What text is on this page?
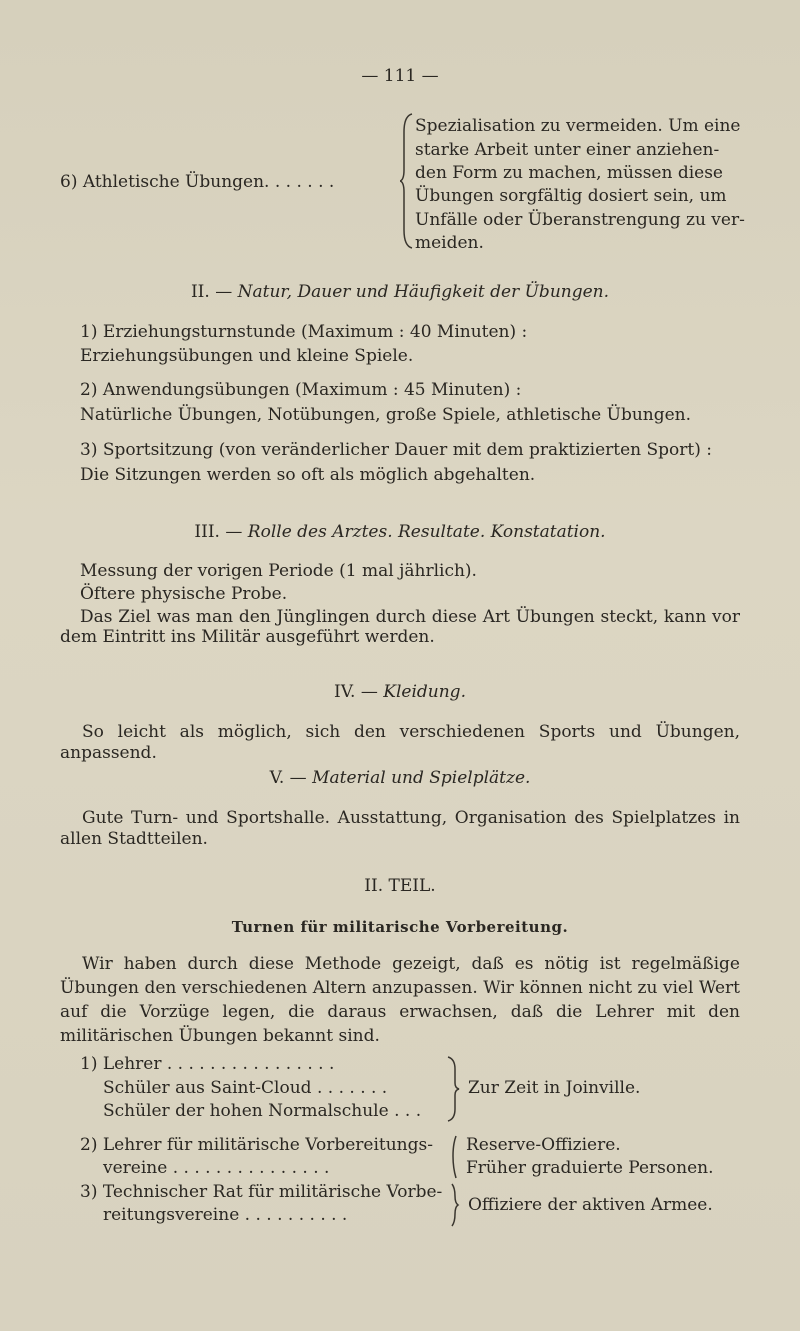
— 111 —
6) Athletische Übungen. . . . . . .
Spezialisation zu vermeiden. Um eine
starke Arbeit unter einer anziehen-
den Form zu machen, müssen diese
Übungen sorgfältig dosiert sein, um
Unfälle oder Überanstrengung zu ver-
meiden.
II. — Natur, Dauer und Häufigkeit der Übungen.
1) Erziehungsturnstunde (Maximum : 40 Minuten) :
Erziehungsübungen und kleine Spiele.
2) Anwendungsübungen (Maximum : 45 Minuten) :
Natürliche Übungen, Notübungen, große Spiele, athletische Übungen.
3) Sportsitzung (von veränderlicher Dauer mit dem praktizierten Sport) :
Die Sitzungen werden so oft als möglich abgehalten.
III. — Rolle des Arztes. Resultate. Konstatation.
Messung der vorigen Periode (1 mal jährlich).
Öftere physische Probe.
Das Ziel was man den Jünglingen durch diese Art Übungen steckt, kann vor dem Eintritt ins Militär ausgeführt werden.
IV. — Kleidung.
So leicht als möglich, sich den verschiedenen Sports und Übungen, anpassend.
V. — Material und Spielplätze.
Gute Turn- und Sportshalle. Ausstattung, Organisation des Spielplatzes in allen Stadtteilen.
II. TEIL.
Turnen für militarische Vorbereitung.
Wir haben durch diese Methode gezeigt, daß es nötig ist regelmäßige Übungen den verschiedenen Altern anzupassen. Wir können nicht zu viel Wert auf die Vorzüge legen, die daraus erwachsen, daß die Lehrer mit den militärischen Übungen bekannt sind.
1) Lehrer . . . . . . . . . . . . . . . .
Schüler aus Saint-Cloud . . . . . . .
Schüler der hohen Normalschule . . .
Zur Zeit in Joinville.
2) Lehrer für militärische Vorbereitungs-
vereine . . . . . . . . . . . . . . .
Reserve-Offiziere.
Früher graduierte Personen.
3) Technischer Rat für militärische Vorbe-
reitungsvereine . . . . . . . . . .	Offiziere der aktiven Armee.
